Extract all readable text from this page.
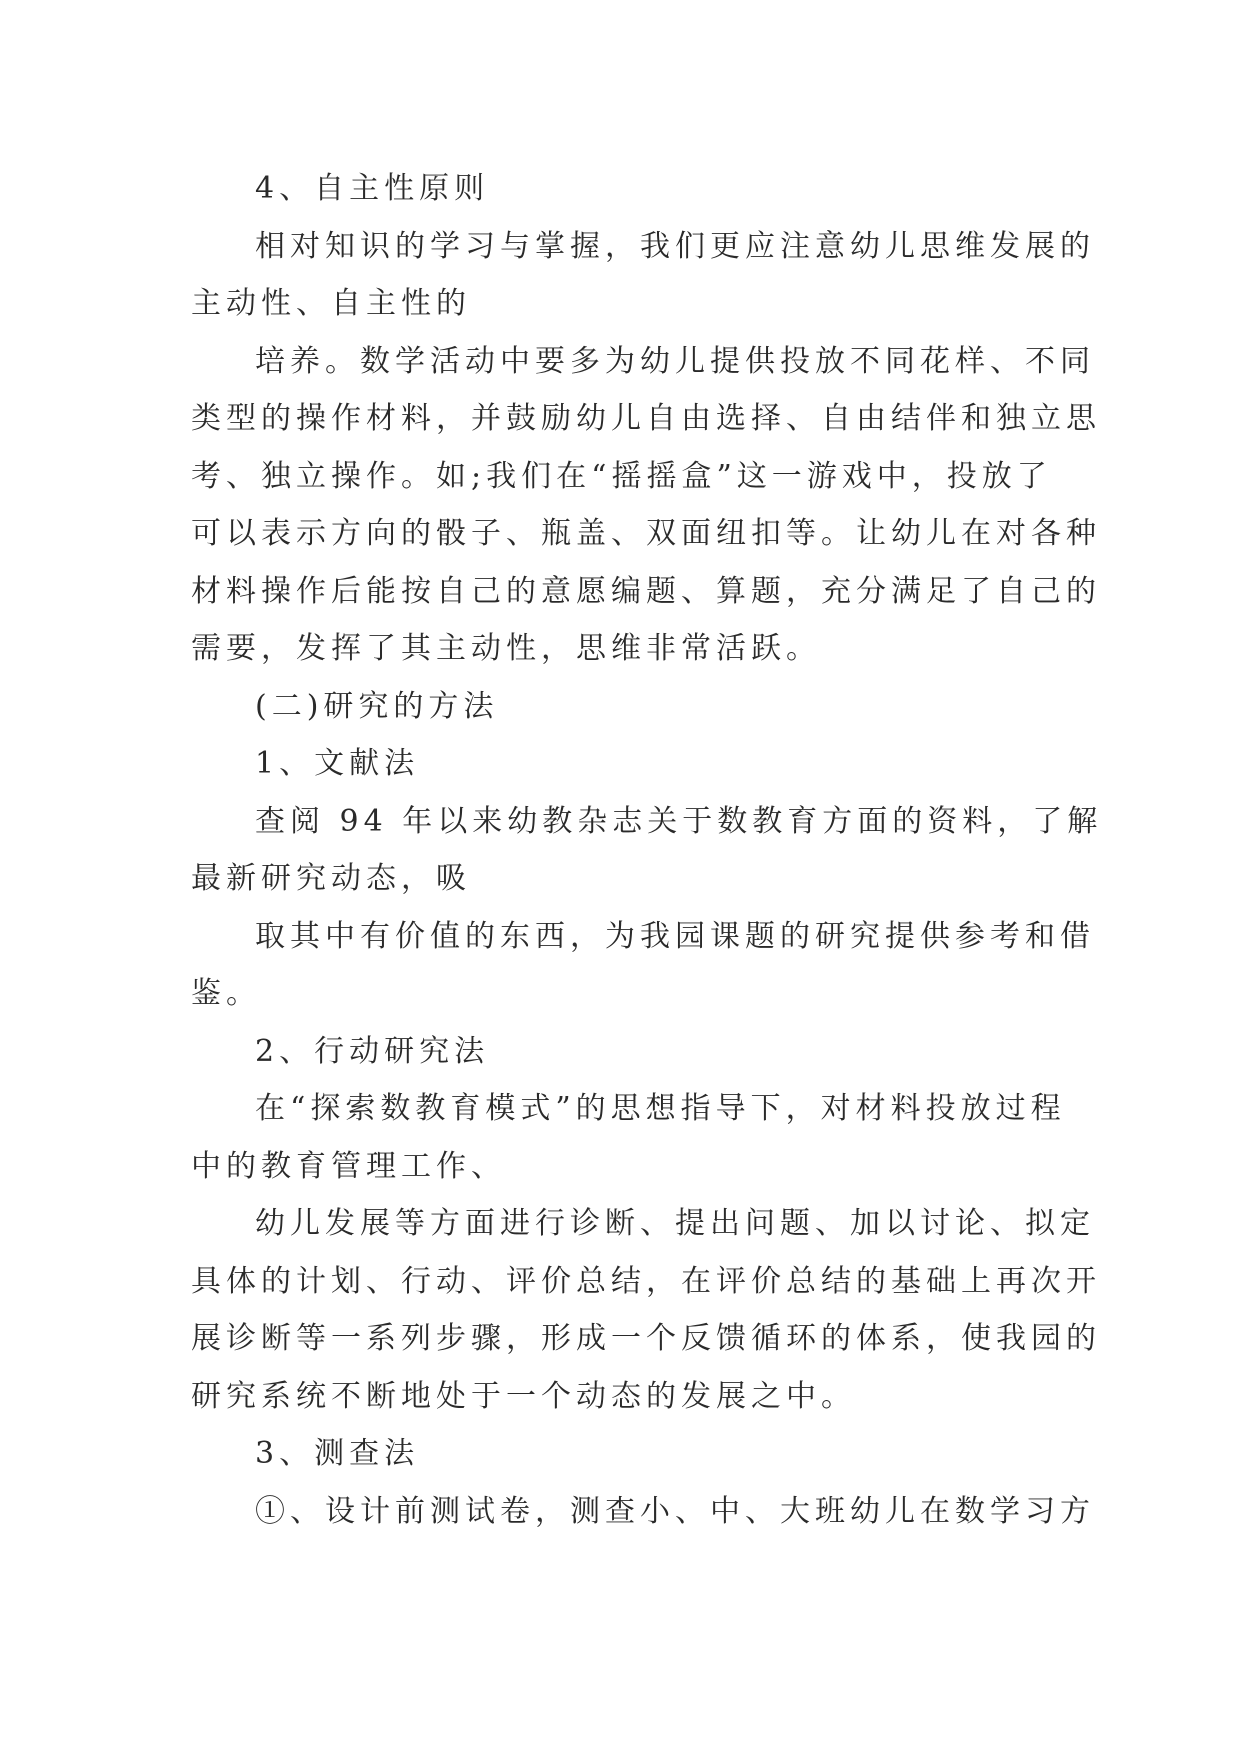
4、自主性原则
相对知识的学习与掌握，我们更应注意幼儿思维发展的
主动性、自主性的
培养。数学活动中要多为幼儿提供投放不同花样、不同
类型的操作材料，并鼓励幼儿自由选择、自由结伴和独立思
考、独立操作。如;我们在“摇摇盒”这一游戏中，投放了
可以表示方向的骰子、瓶盖、双面纽扣等。让幼儿在对各种
材料操作后能按自己的意愿编题、算题，充分满足了自己的
需要，发挥了其主动性，思维非常活跃。
(二)研究的方法
1、文献法
查阅 94 年以来幼教杂志关于数教育方面的资料，了解
最新研究动态，吸
取其中有价值的东西，为我园课题的研究提供参考和借
鉴。
2、行动研究法
在“探索数教育模式”的思想指导下，对材料投放过程
中的教育管理工作、
幼儿发展等方面进行诊断、提出问题、加以讨论、拟定
具体的计划、行动、评价总结，在评价总结的基础上再次开
展诊断等一系列步骤，形成一个反馈循环的体系，使我园的
研究系统不断地处于一个动态的发展之中。
3、测查法
①、设计前测试卷，测查小、中、大班幼儿在数学习方
